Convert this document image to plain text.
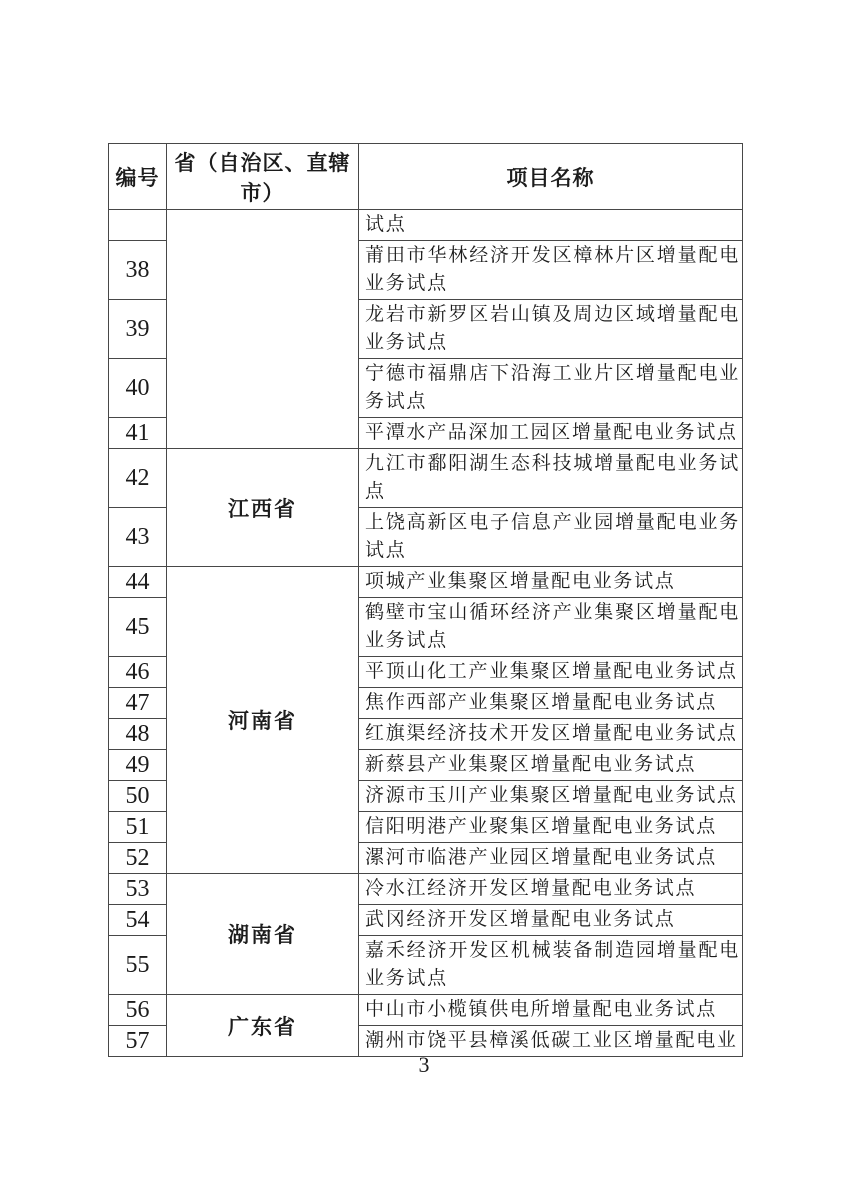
编号	省（自治区、直辖市）	项目名称
		试点
38		莆田市华林经济开发区樟林片区增量配电业务试点
39		龙岩市新罗区岩山镇及周边区域增量配电业务试点
40		宁德市福鼎店下沿海工业片区增量配电业务试点
41		平潭水产品深加工园区增量配电业务试点
42	江西省	九江市鄱阳湖生态科技城增量配电业务试点
43		上饶高新区电子信息产业园增量配电业务试点
44	河南省	项城产业集聚区增量配电业务试点
45		鹤壁市宝山循环经济产业集聚区增量配电业务试点
46		平顶山化工产业集聚区增量配电业务试点
47		焦作西部产业集聚区增量配电业务试点
48		红旗渠经济技术开发区增量配电业务试点
49		新蔡县产业集聚区增量配电业务试点
50		济源市玉川产业集聚区增量配电业务试点
51		信阳明港产业聚集区增量配电业务试点
52		漯河市临港产业园区增量配电业务试点
53	湖南省	冷水江经济开发区增量配电业务试点
54		武冈经济开发区增量配电业务试点
55		嘉禾经济开发区机械装备制造园增量配电业务试点
56	广东省	中山市小榄镇供电所增量配电业务试点
57		潮州市饶平县樟溪低碳工业区增量配电业
3
